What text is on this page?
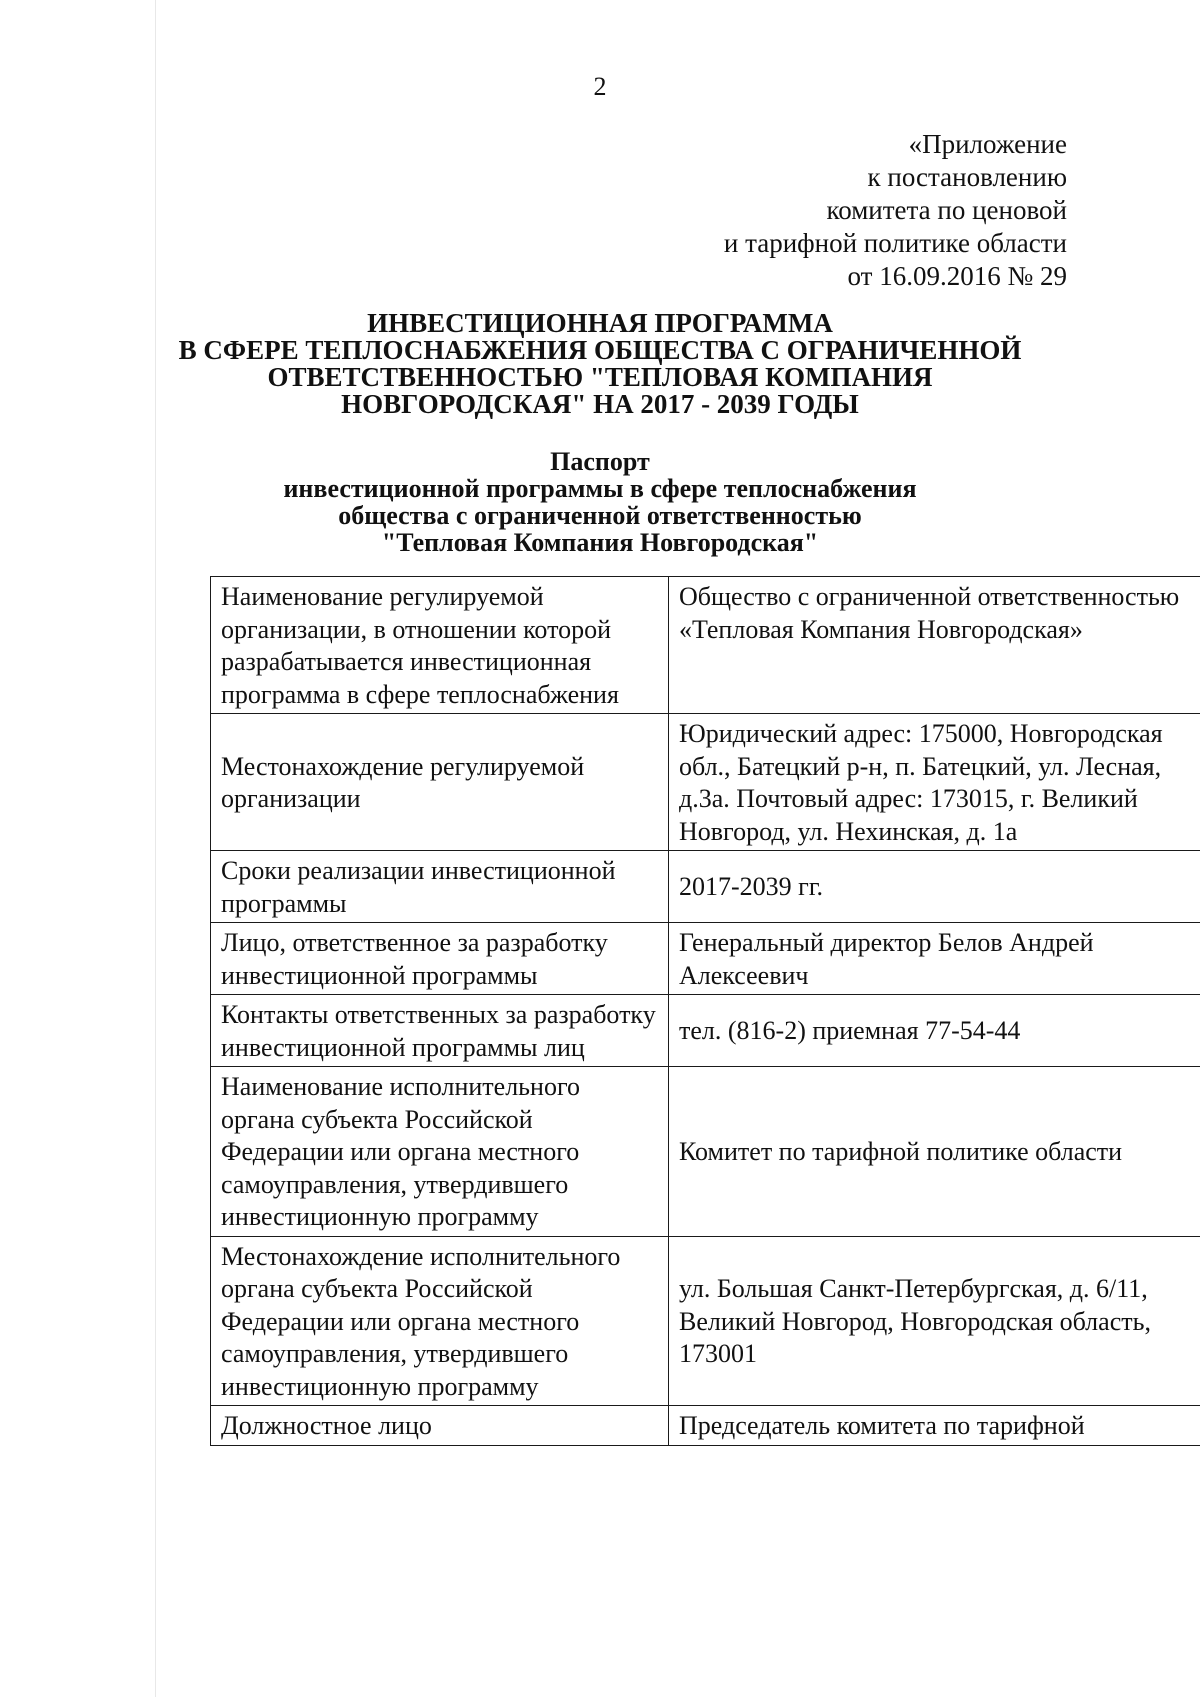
2
«Приложение
к постановлению
комитета по ценовой
и тарифной политике области
от 16.09.2016 № 29
ИНВЕСТИЦИОННАЯ ПРОГРАММА
В СФЕРЕ ТЕПЛОСНАБЖЕНИЯ ОБЩЕСТВА С ОГРАНИЧЕННОЙ
ОТВЕТСТВЕННОСТЬЮ "ТЕПЛОВАЯ КОМПАНИЯ
НОВГОРОДСКАЯ" НА 2017 - 2039 ГОДЫ
Паспорт
инвестиционной программы в сфере теплоснабжения
общества с ограниченной ответственностью
"Тепловая Компания Новгородская"
Наименование регулируемой организации, в отношении которой разрабатывается инвестиционная программа в сфере теплоснабжения	Общество с ограниченной ответственностью «Тепловая Компания Новгородская»
Местонахождение регулируемой организации	Юридический адрес: 175000, Новгородская обл., Батецкий р-н, п. Батецкий, ул. Лесная, д.3а. Почтовый адрес: 173015, г. Великий Новгород, ул. Нехинская, д. 1а
Сроки реализации инвестиционной программы	2017-2039 гг.
Лицо, ответственное за разработку инвестиционной программы	Генеральный директор Белов Андрей Алексеевич
Контакты ответственных за разработку инвестиционной программы лиц	тел. (816-2) приемная 77-54-44
Наименование исполнительного органа субъекта Российской Федерации или органа местного самоуправления, утвердившего инвестиционную программу	Комитет по тарифной политике области
Местонахождение исполнительного органа субъекта Российской Федерации или органа местного самоуправления, утвердившего инвестиционную программу	ул. Большая Санкт-Петербургская, д. 6/11, Великий Новгород, Новгородская область, 173001
Должностное лицо	Председатель комитета по тарифной
